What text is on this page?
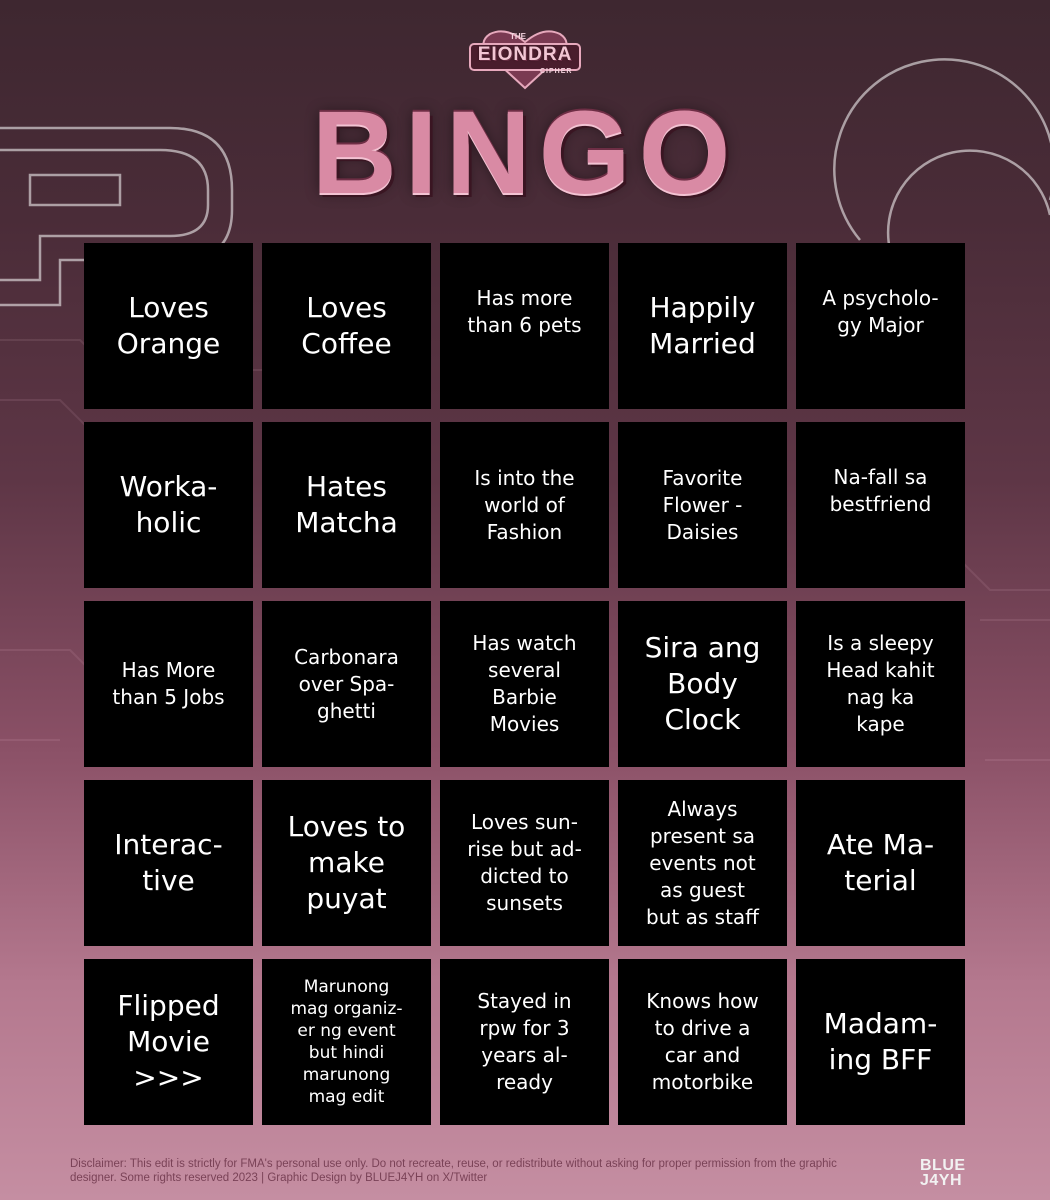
THE
EIONDRA
CIPHER
BINGO
Loves
Orange
Loves
Coffee
Has more
than 6 pets
Happily
Married
A psycholo-
gy Major
Worka-
holic
Hates
Matcha
Is into the
world of
Fashion
Favorite
Flower -
Daisies
Na-fall sa
bestfriend
Has More
than 5 Jobs
Carbonara
over Spa-
ghetti
Has watch
several
Barbie
Movies
Sira ang
Body
Clock
Is a sleepy
Head kahit
nag ka
kape
Interac-
tive
Loves to
make
puyat
Loves sun-
rise but ad-
dicted to
sunsets
Always
present sa
events not
as guest
but as staff
Ate Ma-
terial
Flipped
Movie
>>>
Marunong
mag organiz-
er ng event
but hindi
marunong
mag edit
Stayed in
rpw for 3
years al-
ready
Knows how
to drive a
car and
motorbike
Madam-
ing BFF
Disclaimer: This edit is strictly for FMA's personal use only. Do not recreate, reuse, or redistribute without asking for proper permission from the graphic designer. Some rights reserved 2023 | Graphic Design by BLUEJ4YH on X/Twitter
BLUE
J4YH
